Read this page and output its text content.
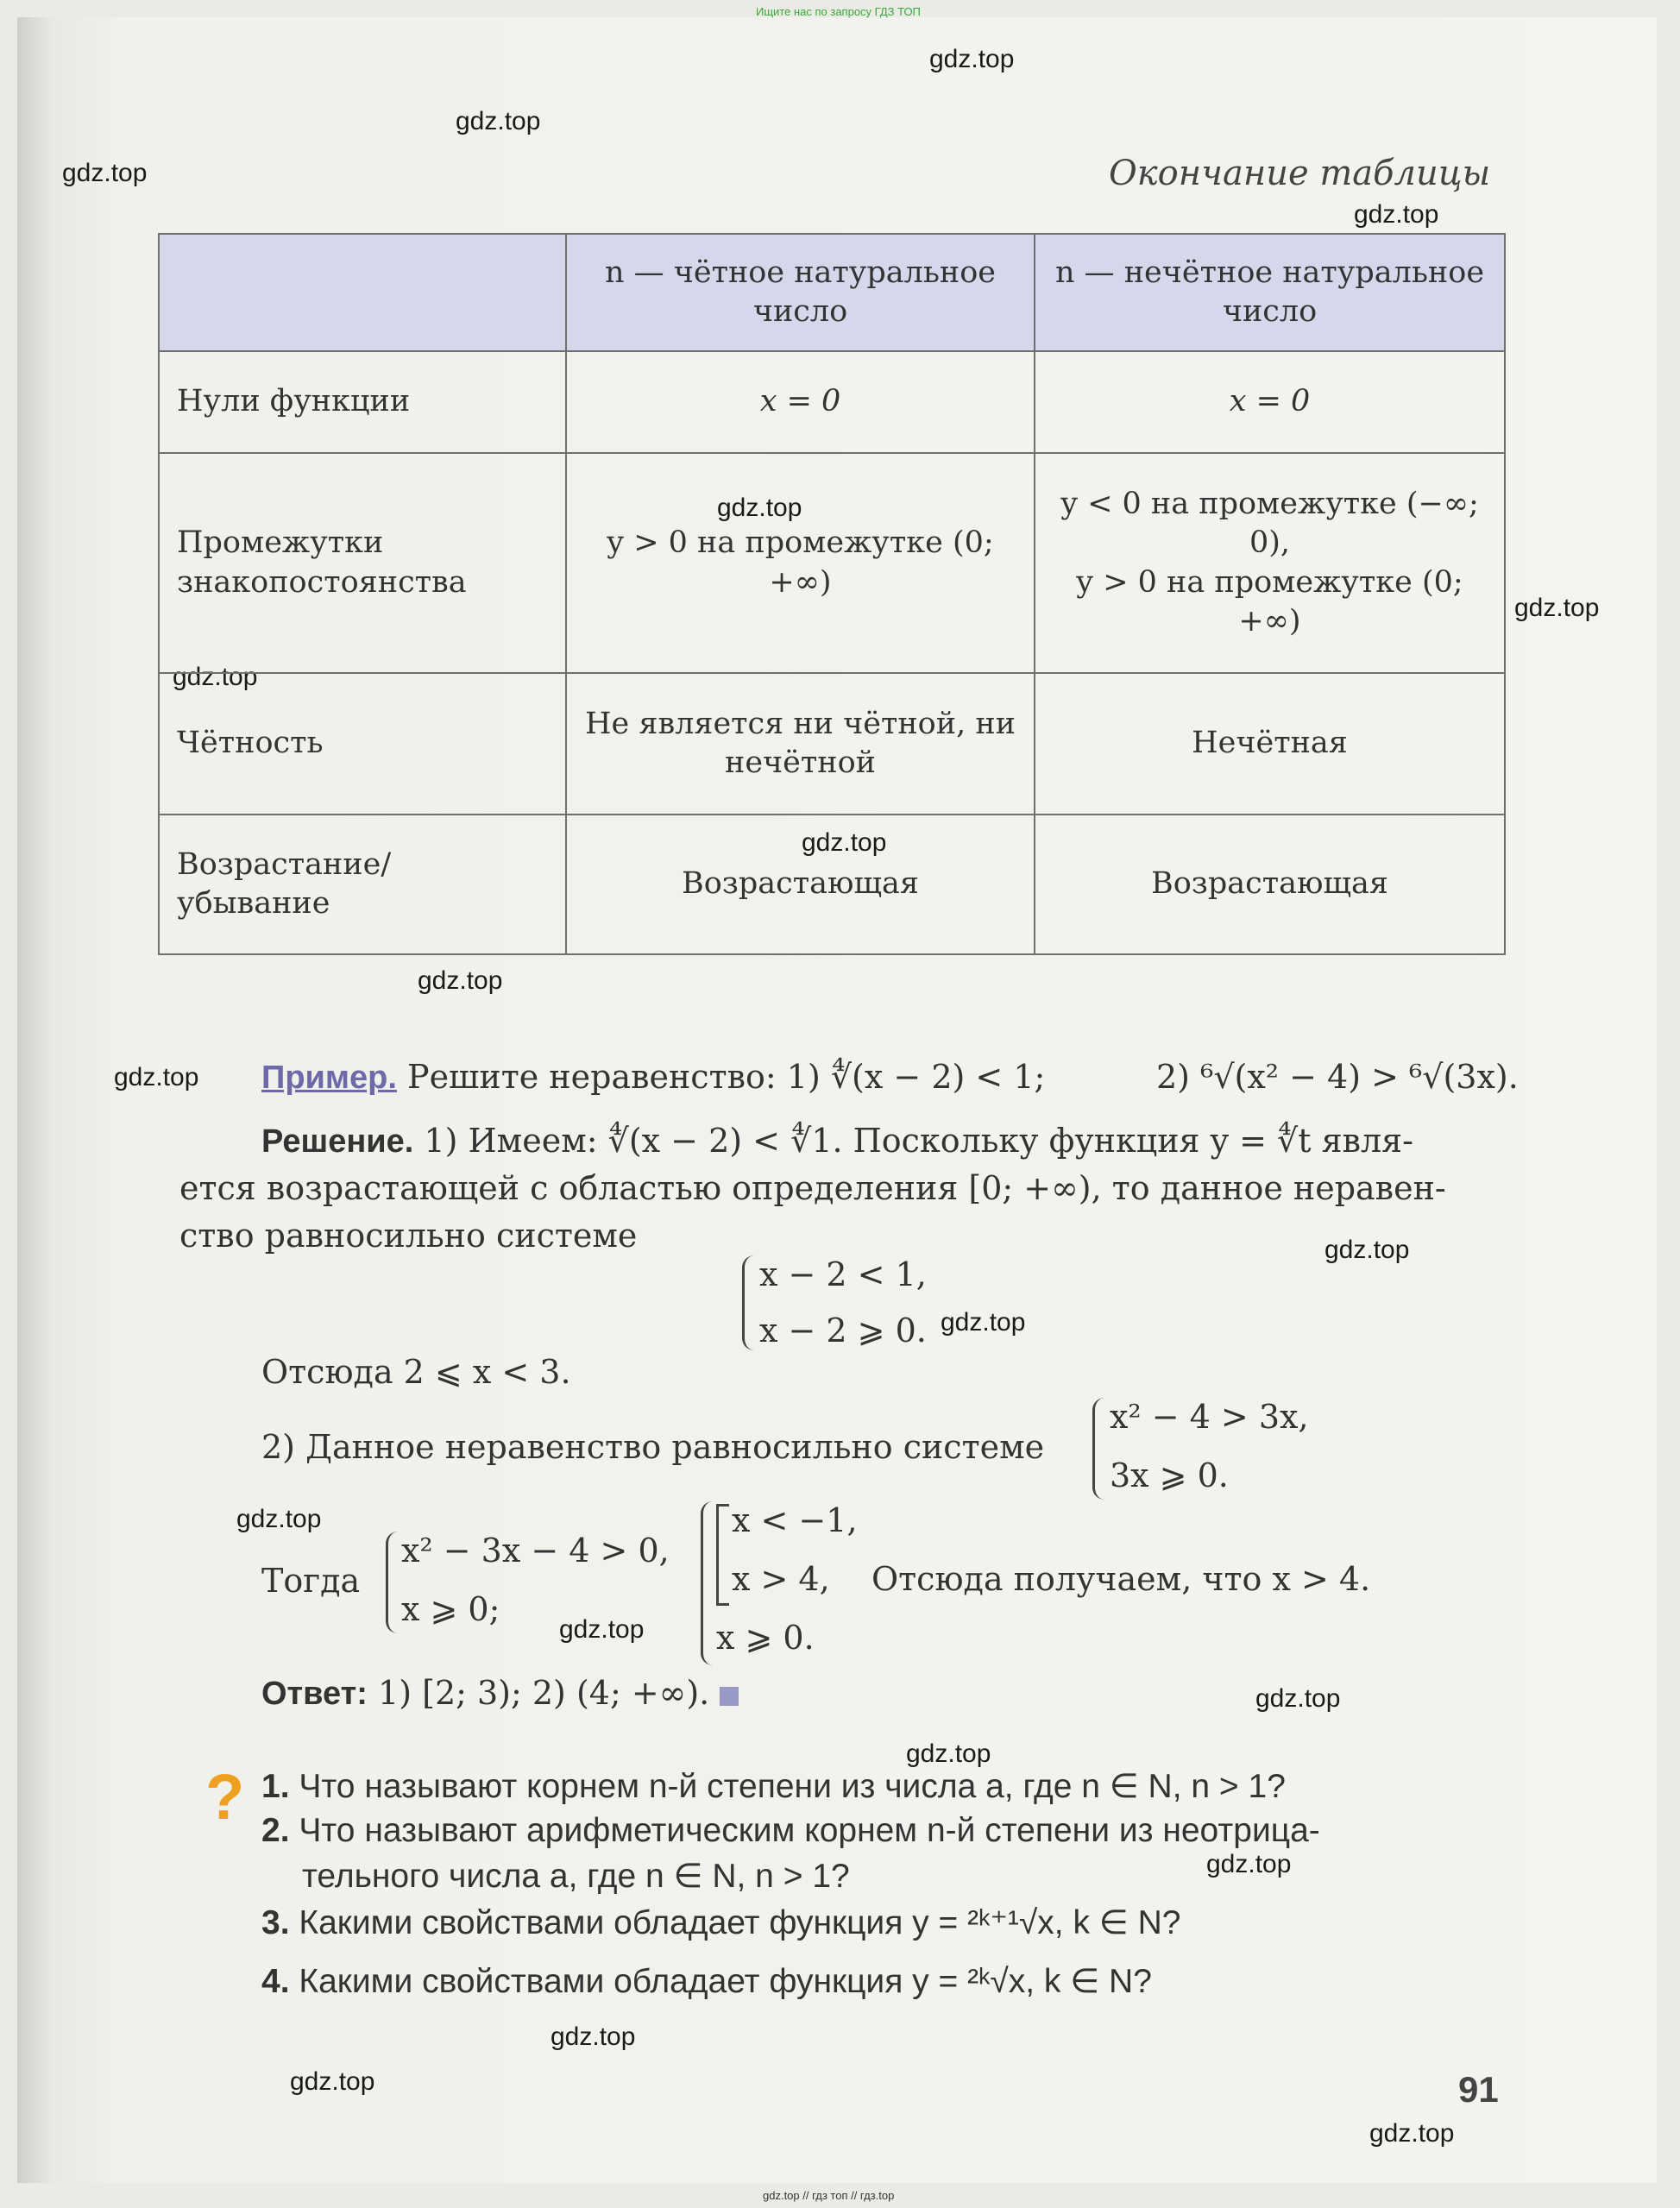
Ищите нас по запросу ГДЗ ТОП
gdz.top
gdz.top
gdz.top
gdz.top
gdz.top
gdz.top
gdz.top
gdz.top
gdz.top
gdz.top
gdz.top
gdz.top
gdz.top
gdz.top
gdz.top
gdz.top
gdz.top
gdz.top
gdz.top
gdz.top
Окончание таблицы
	n — чётное натуральное число	n — нечётное натуральное число
Нули функции	x = 0	x = 0
Промежутки знакопостоянства	y > 0 на промежутке (0; +∞)	y < 0 на промежутке (−∞; 0),
y > 0 на промежутке (0; +∞)

Чётность	Не является ни чётной, ни нечётной	Нечётная
Возрастание/ убывание	Возрастающая	Возрастающая
Пример. Решите неравенство: 1) ∜(x − 2) < 1;	2) ⁶√(x² − 4) > ⁶√(3x).
Решение. 1) Имеем: ∜(x − 2) < ∜1. Поскольку функция y = ∜t явля-
ется возрастающей с областью определения [0; +∞), то данное неравен-
ство равносильно системе
x − 2 < 1,
x − 2 ⩾ 0.
Отсюда 2 ⩽ x < 3.
2) Данное неравенство равносильно системе
x² − 4 > 3x,
3x ⩾ 0.
Тогда
x² − 3x − 4 > 0,
x ⩾ 0;
x < −1,
x > 4,
x ⩾ 0.
Отсюда получаем, что x > 4.
Ответ: 1) [2; 3); 2) (4; +∞).
? 1. Что называют корнем n-й степени из числа a, где n ∈ N, n > 1?
2. Что называют арифметическим корнем n-й степени из неотрица-
тельного числа a, где n ∈ N, n > 1?
3. Какими свойствами обладает функция y = ²ᵏ⁺¹√x, k ∈ N?
4. Какими свойствами обладает функция y = ²ᵏ√x, k ∈ N?
91
gdz.top // гдз топ // гдз.top
